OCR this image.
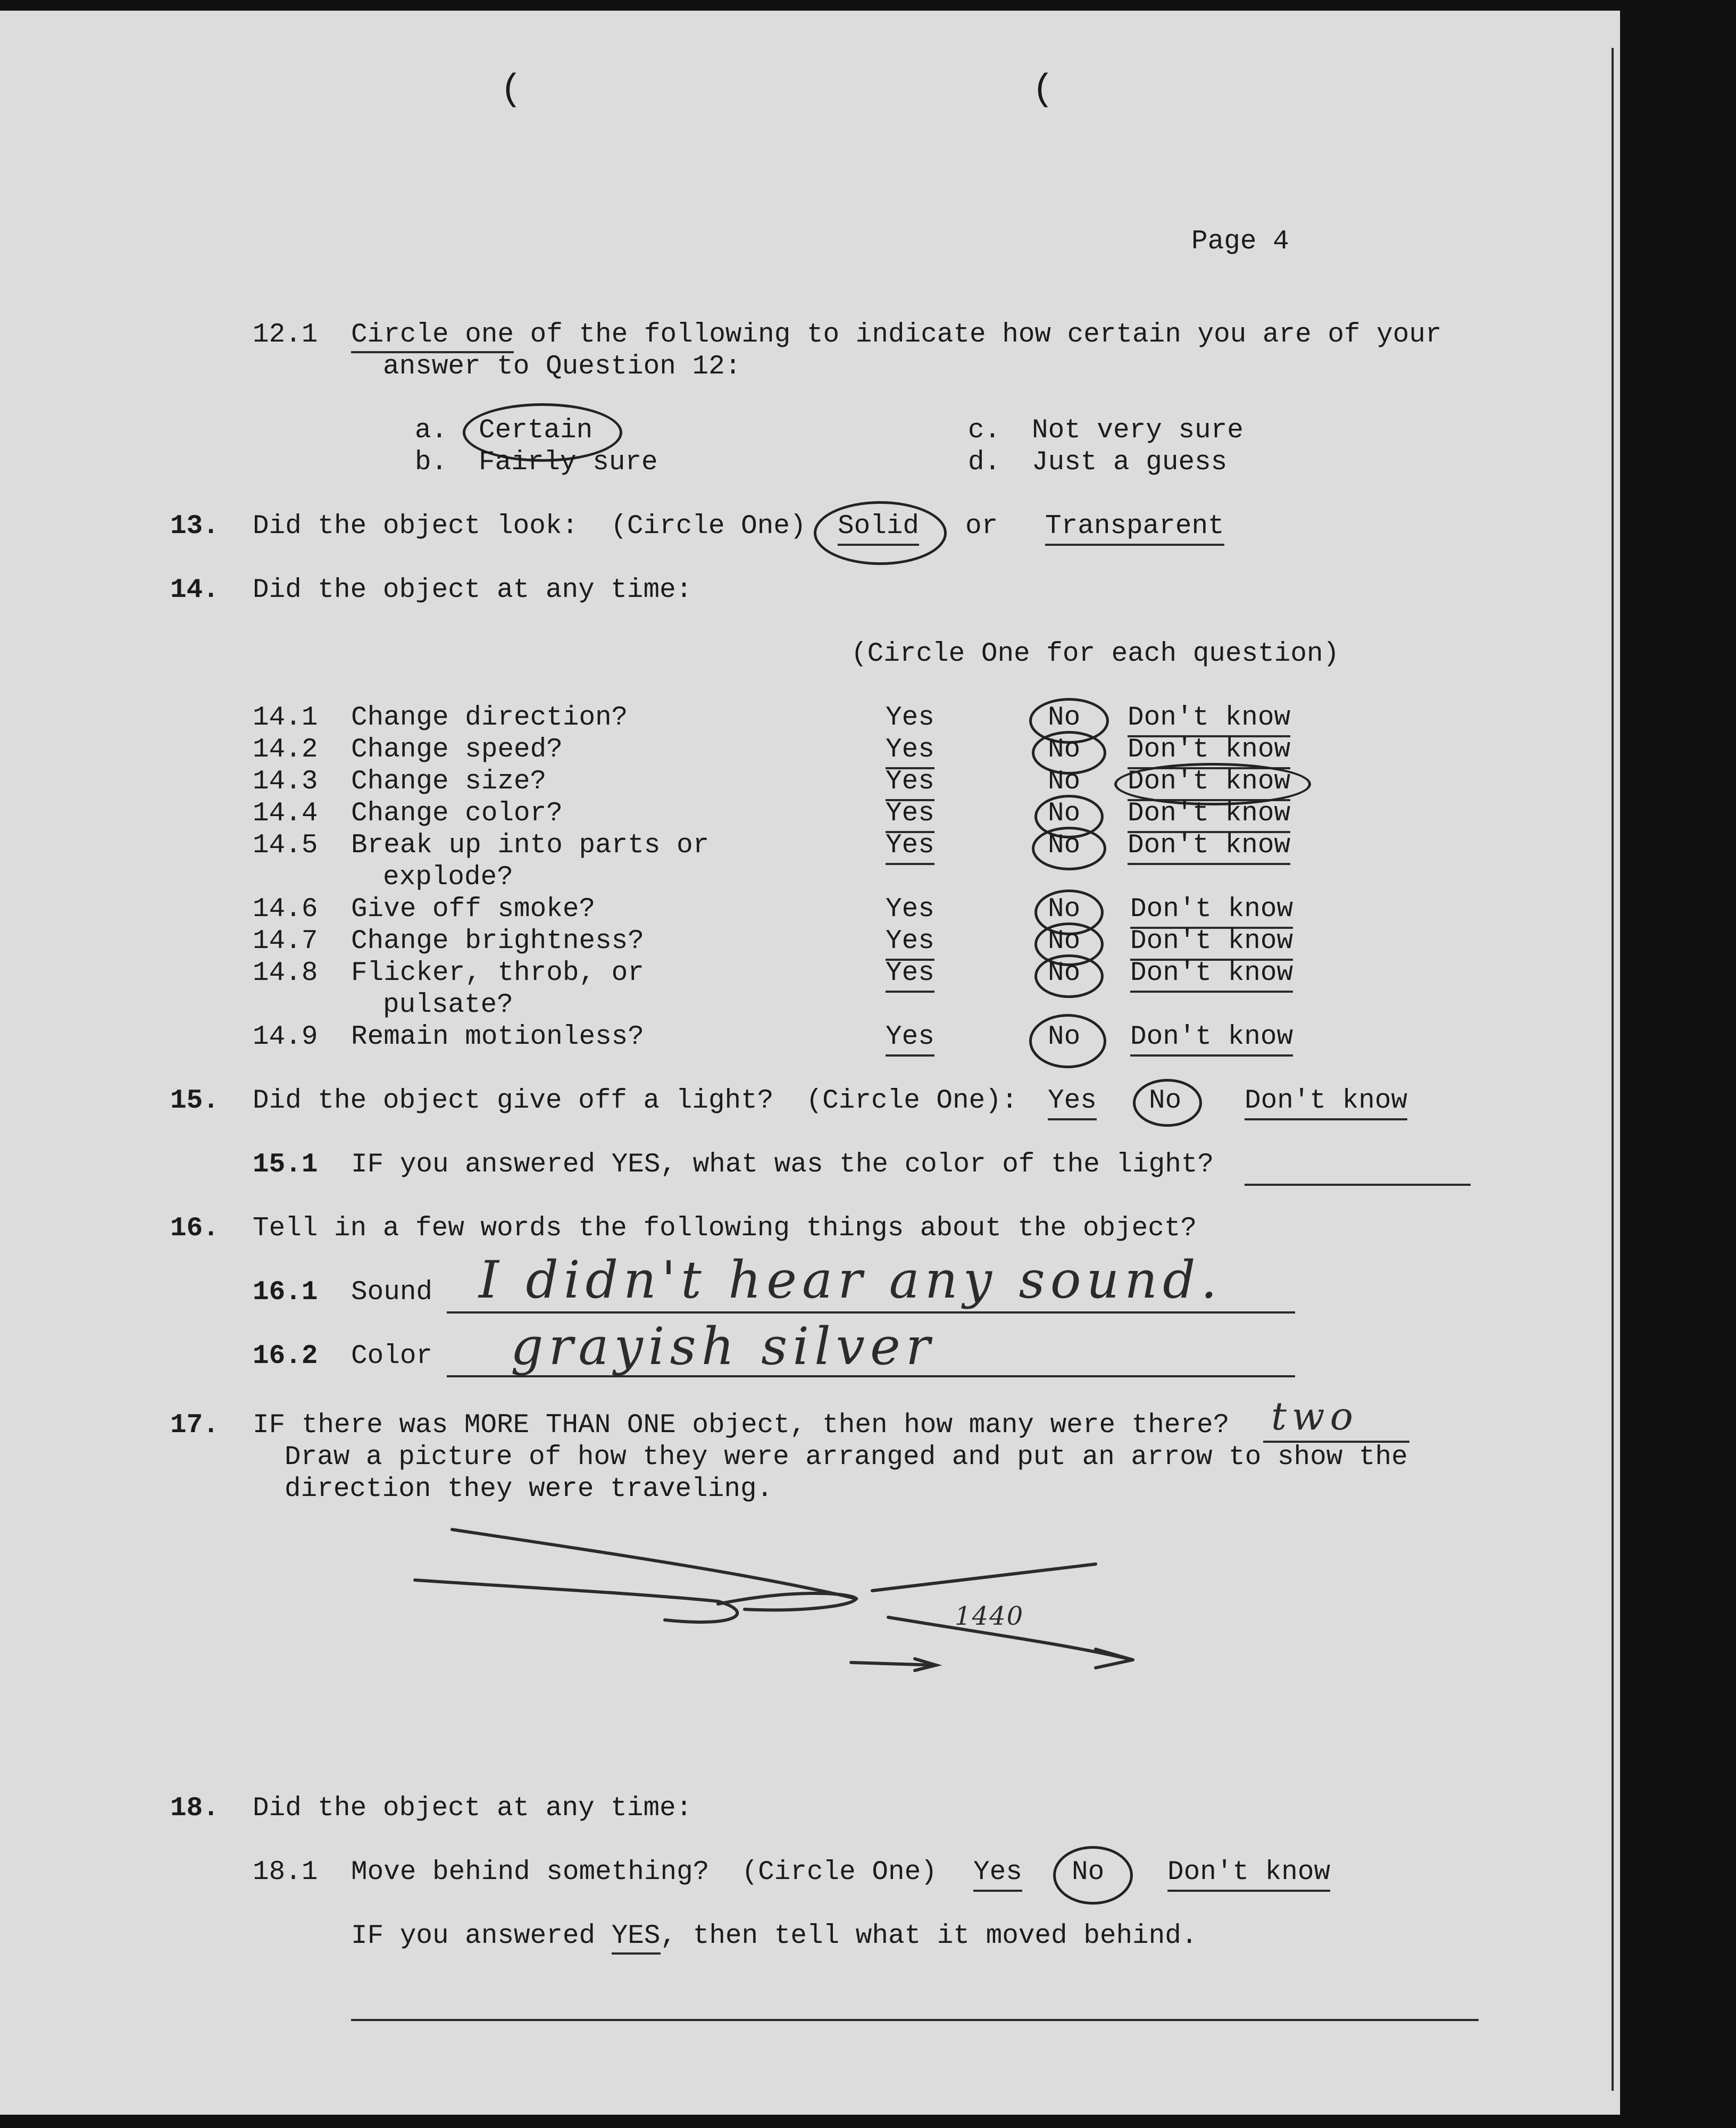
(	(
Page 4
12.1 Circle one of the following to indicate how certain you are of your
answer to Question 12:
a. Certain
b. Fairly sure
c. Not very sure
d. Just a guess
13. Did the object look:  (Circle One) Solid or Transparent
14. Did the object at any time:
(Circle One for each question)
14.1 Change direction?	Yes	No Don't know
14.2 Change speed?	Yes	No Don't know
14.3 Change size?	Yes	No Don't know
14.4 Change color?	Yes	No Don't know
14.5 Break up into parts or
explode?
Yes	No Don't know
14.6 Give off smoke?	Yes	No Don't know
14.7 Change brightness?	Yes	No Don't know
14.8 Flicker, throb, or
pulsate?
Yes	No Don't know
14.9 Remain motionless?	Yes	No Don't know
15. Did the object give off a light?  (Circle One): Yes No Don't know
15.1 IF you answered YES, what was the color of the light?
16. Tell in a few words the following things about the object?
16.1 Sound I didn't hear any sound.
16.2 Color grayish silver
17. IF there was MORE THAN ONE object, then how many were there? two
Draw a picture of how they were arranged and put an arrow to show the
direction they were traveling.
1440
18. Did the object at any time:
18.1 Move behind something?  (Circle One) Yes No Don't know
IF you answered YES, then tell what it moved behind.
